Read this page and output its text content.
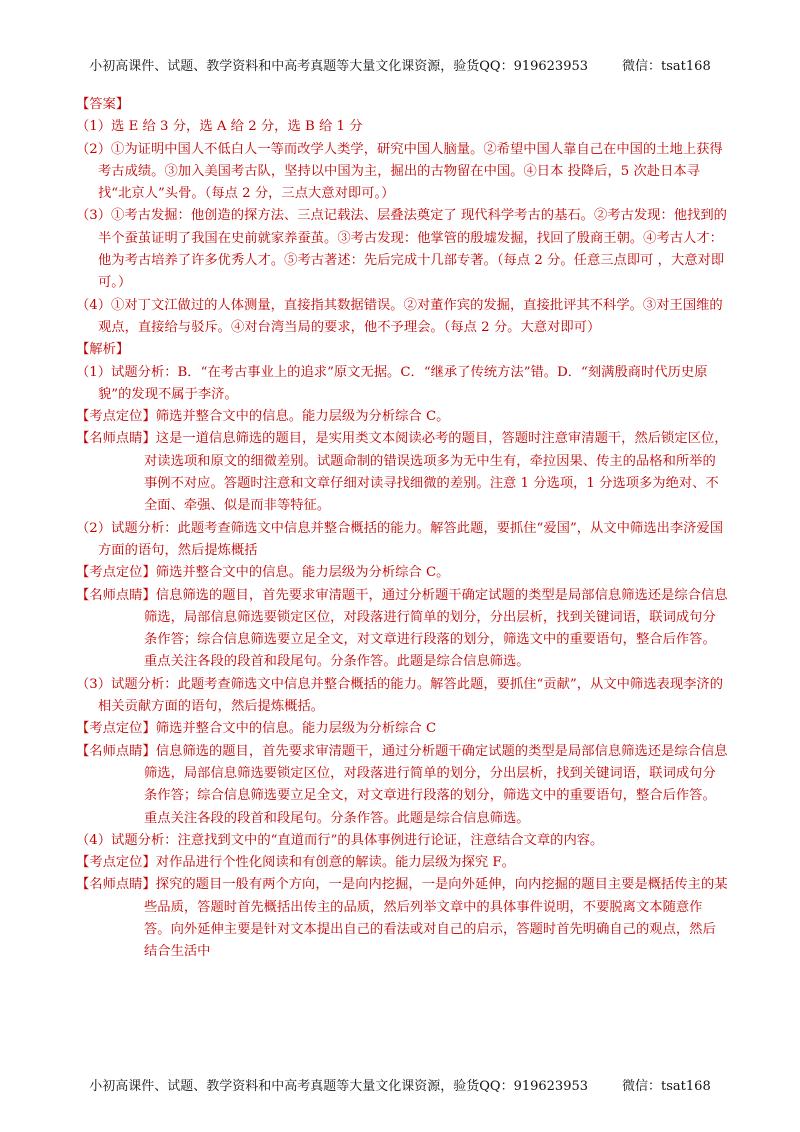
小初高课件、试题、教学资料和中高考真题等大量文化课资源，验货QQ：919623953	微信：tsat168

【答案】

（1）选 E 给 3 分，选 A 给 2 分，选 B 给 1 分

（2）①为证明中国人不低白人一等而改学人类学，研究中国人脑量。②希望中国人靠自己在中国的土地上获得考古成绩。③加入美国考古队，坚持以中国为主，掘出的古物留在中国。④日本 投降后，5 次赴日本寻找“北京人”头骨。（每点 2 分，三点大意对即可。）

（3）①考古发掘：他创造的探方法、三点记载法、层叠法奠定了 现代科学考古的基石。②考古发现：他找到的半个蚕茧证明了我国在史前就家养蚕茧。③考古发现：他掌管的殷墟发掘，找回了殷商王朝。④考古人才：他为考古培养了许多优秀人才。⑤考古著述：先后完成十几部专著。（每点 2 分。任意三点即可 ，大意对即可。）

（4）①对丁文江做过的人体测量，直接指其数据错误。②对董作宾的发掘，直接批评其不科学。③对王国维的观点，直接给与驳斥。④对台湾当局的要求，他不予理会。（每点 2 分。大意对即可）

【解析】

（1）试题分析：B．“在考古事业上的追求”原文无据。C．“继承了传统方法”错。D．“刻满殷商时代历史原貌”的发现不属于李济。

【考点定位】筛选并整合文中的信息。能力层级为分析综合 C。

【名师点睛】这是一道信息筛选的题目，是实用类文本阅读必考的题目，答题时注意审清题干，然后锁定区位，对读选项和原文的细微差别。试题命制的错误选项多为无中生有，牵拉因果、传主的品格和所举的事例不对应。答题时注意和文章仔细对读寻找细微的差别。注意 1 分选项，1 分选项多为绝对、不全面、牵强、似是而非等特征。

（2）试题分析：此题考查筛选文中信息并整合概括的能力。解答此题，要抓住“爱国”，从文中筛选出李济爱国方面的语句，然后提炼概括

【考点定位】筛选并整合文中的信息。能力层级为分析综合 C。

【名师点睛】信息筛选的题目，首先要求审清题干，通过分析题干确定试题的类型是局部信息筛选还是综合信息筛选，局部信息筛选要锁定区位，对段落进行简单的划分，分出层析，找到关键词语，联词成句分条作答；综合信息筛选要立足全文，对文章进行段落的划分，筛选文中的重要语句，整合后作答。重点关注各段的段首和段尾句。分条作答。此题是综合信息筛选。

（3）试题分析：此题考查筛选文中信息并整合概括的能力。解答此题，要抓住“贡献”，从文中筛选表现李济的相关贡献方面的语句，然后提炼概括。

【考点定位】筛选并整合文中的信息。能力层级为分析综合 C

【名师点睛】信息筛选的题目，首先要求审清题干，通过分析题干确定试题的类型是局部信息筛选还是综合信息筛选，局部信息筛选要锁定区位，对段落进行简单的划分，分出层析，找到关键词语，联词成句分条作答；综合信息筛选要立足全文，对文章进行段落的划分，筛选文中的重要语句，整合后作答。重点关注各段的段首和段尾句。分条作答。此题是综合信息筛选。

（4）试题分析：注意找到文中的“直道而行”的具体事例进行论证，注意结合文章的内容。

【考点定位】对作品进行个性化阅读和有创意的解读。能力层级为探究 F。

【名师点睛】探究的题目一般有两个方向，一是向内挖掘，一是向外延伸，向内挖掘的题目主要是概括传主的某些品质，答题时首先概括出传主的品质，然后列举文章中的具体事件说明，不要脱离文本随意作答。向外延伸主要是针对文本提出自己的看法或对自己的启示，答题时首先明确自己的观点，然后结合生活中

小初高课件、试题、教学资料和中高考真题等大量文化课资源，验货QQ：919623953	微信：tsat168
